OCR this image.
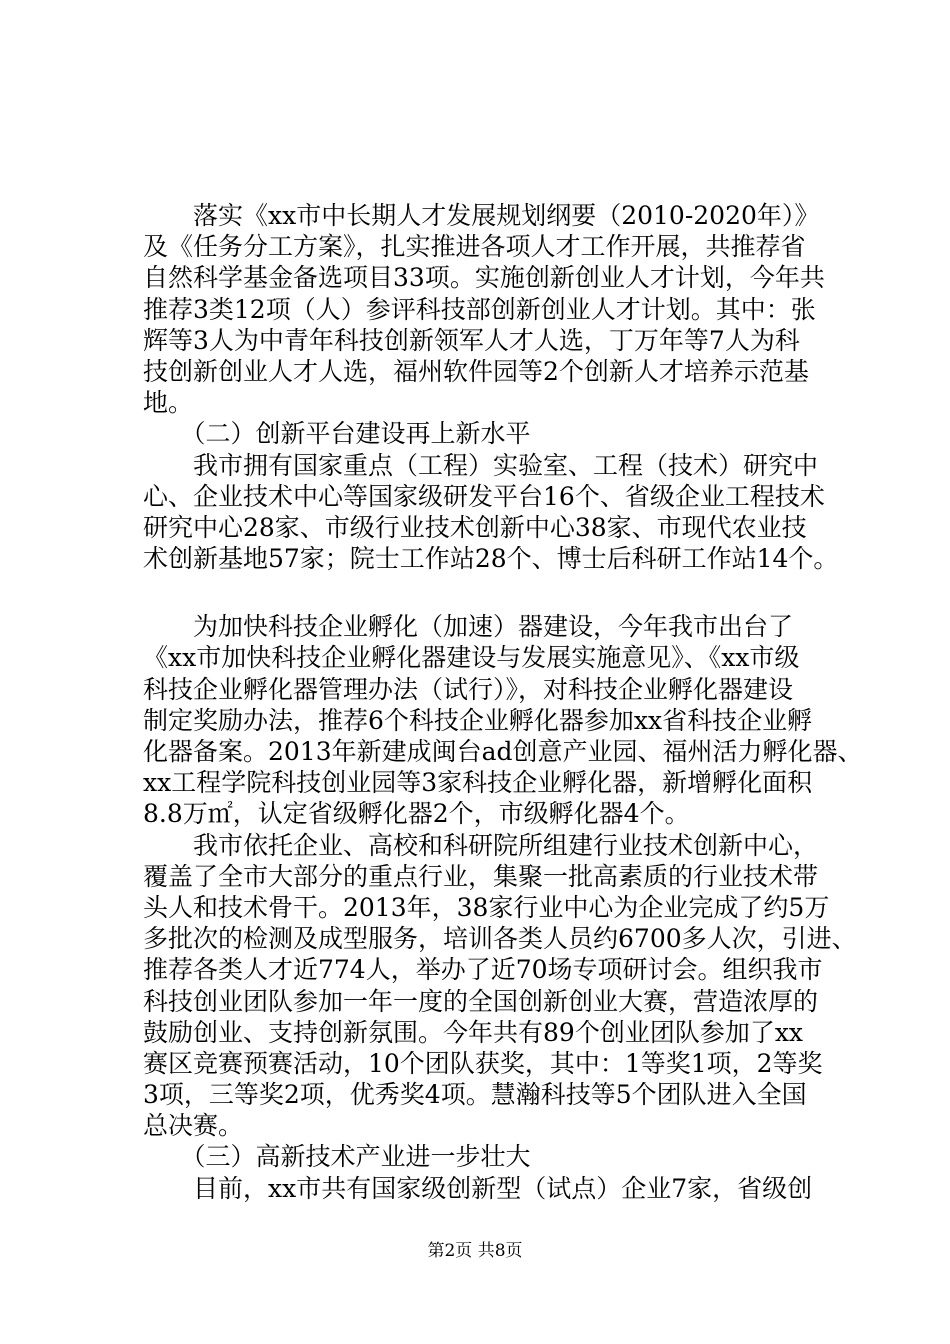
　　落实《xx市中长期人才发展规划纲要（2010-2020年）》
及《任务分工方案》，扎实推进各项人才工作开展，共推荐省
自然科学基金备选项目33项。实施创新创业人才计划，今年共
推荐3类12项（人）参评科技部创新创业人才计划。其中：张
辉等3人为中青年科技创新领军人才人选，丁万年等7人为科
技创新创业人才人选，福州软件园等2个创新人才培养示范基
地。
　　（二）创新平台建设再上新水平
　　我市拥有国家重点（工程）实验室、工程（技术）研究中
心、企业技术中心等国家级研发平台16个、省级企业工程技术
研究中心28家、市级行业技术创新中心38家、市现代农业技
术创新基地57家；院士工作站28个、博士后科研工作站14个。
　　为加快科技企业孵化（加速）器建设，今年我市出台了
《xx市加快科技企业孵化器建设与发展实施意见》、《xx市级
科技企业孵化器管理办法（试行）》，对科技企业孵化器建设
制定奖励办法，推荐6个科技企业孵化器参加xx省科技企业孵
化器备案。2013年新建成闽台ad创意产业园、福州活力孵化器、
xx工程学院科技创业园等3家科技企业孵化器，新增孵化面积
8.8万㎡，认定省级孵化器2个，市级孵化器4个。
　　我市依托企业、高校和科研院所组建行业技术创新中心，
覆盖了全市大部分的重点行业，集聚一批高素质的行业技术带
头人和技术骨干。2013年，38家行业中心为企业完成了约5万
多批次的检测及成型服务，培训各类人员约6700多人次，引进、
推荐各类人才近774人，举办了近70场专项研讨会。组织我市
科技创业团队参加一年一度的全国创新创业大赛，营造浓厚的
鼓励创业、支持创新氛围。今年共有89个创业团队参加了xx
赛区竞赛预赛活动，10个团队获奖，其中：1等奖1项，2等奖
3项，三等奖2项，优秀奖4项。慧瀚科技等5个团队进入全国
总决赛。
　　（三）高新技术产业进一步壮大
　　目前，xx市共有国家级创新型（试点）企业7家，省级创
第2页 共8页
